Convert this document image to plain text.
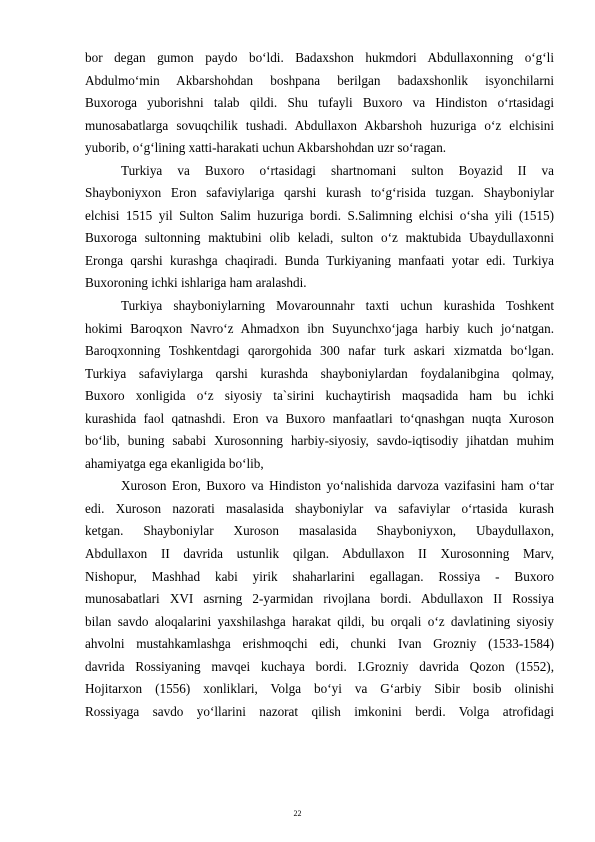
bor degan gumon paydo bo‘ldi. Badaxshon hukmdori Abdullaxonning o‘g‘li
Abdulmo‘min Akbarshohdan boshpana berilgan badaxshonlik isyonchilarni
Buxoroga yuborishni talab qildi. Shu tufayli Buxoro va Hindiston o‘rtasidagi
munosabatlarga sovuqchilik tushadi. Abdullaxon Akbarshoh huzuriga o‘z elchisini
yuborib, o‘g‘lining xatti-harakati uchun Akbarshohdan uzr so‘ragan.
Turkiya va Buxoro o‘rtasidagi shartnomani sulton Boyazid II va
Shayboniyxon Eron safaviylariga qarshi kurash to‘g‘risida tuzgan. Shayboniylar
elchisi 1515 yil Sulton Salim huzuriga bordi. S.Salimning elchisi o‘sha yili (1515)
Buxoroga sultonning maktubini olib keladi, sulton o‘z maktubida Ubaydullaxonni
Eronga qarshi kurashga chaqiradi. Bunda Turkiyaning manfaati yotar edi. Turkiya
Buxoroning ichki ishlariga ham aralashdi.
Turkiya shayboniylarning Movarounnahr taxti uchun kurashida Toshkent
hokimi Baroqxon Navro‘z Ahmadxon ibn Suyunchxo‘jaga harbiy kuch jo‘natgan.
Baroqxonning Toshkentdagi qarorgohida 300 nafar turk askari xizmatda bo‘lgan.
Turkiya safaviylarga qarshi kurashda shayboniylardan foydalanibgina qolmay,
Buxoro xonligida o‘z siyosiy ta`sirini kuchaytirish maqsadida ham bu ichki
kurashida faol qatnashdi. Eron va Buxoro manfaatlari to‘qnashgan nuqta Xuroson
bo‘lib, buning sababi Xurosonning harbiy-siyosiy, savdo-iqtisodiy jihatdan muhim
ahamiyatga ega ekanligida bo‘lib,
Xuroson Eron, Buxoro va Hindiston yo‘nalishida darvoza vazifasini ham o‘tar
edi. Xuroson nazorati masalasida shayboniylar va safaviylar o‘rtasida kurash
ketgan. Shayboniylar Xuroson masalasida Shayboniyxon, Ubaydullaxon,
Abdullaxon II davrida ustunlik qilgan. Abdullaxon II Xurosonning Marv,
Nishopur, Mashhad kabi yirik shaharlarini egallagan. Rossiya - Buxoro
munosabatlari XVI asrning 2-yarmidan rivojlana bordi. Abdullaxon II Rossiya
bilan savdo aloqalarini yaxshilashga harakat qildi, bu orqali o‘z davlatining siyosiy
ahvolni mustahkamlashga erishmoqchi edi, chunki Ivan Grozniy (1533-1584)
davrida Rossiyaning mavqei kuchaya bordi. I.Grozniy davrida Qozon (1552),
Hojitarxon (1556) xonliklari, Volga bo‘yi va G‘arbiy Sibir bosib olinishi
Rossiyaga savdo yo‘llarini nazorat qilish imkonini berdi. Volga atrofidagi
22
